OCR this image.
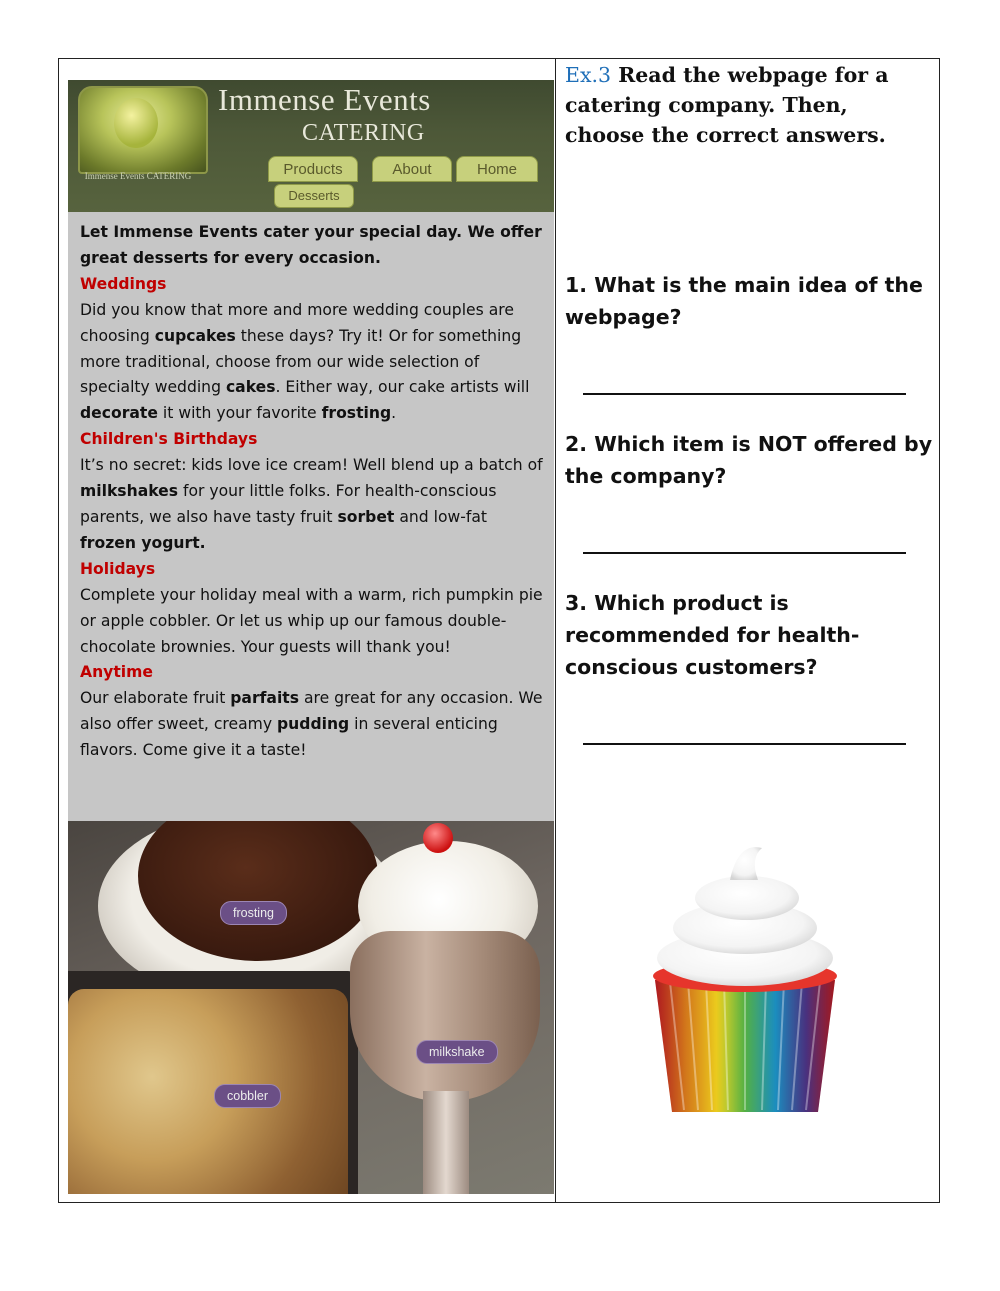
Immense Events CATERING
Immense Events
CATERING
Products	About	Home
Desserts

Let Immense Events cater your special day. We offer great desserts for every occasion.

Weddings

Did you know that more and more wedding couples are choosing cupcakes these days? Try it! Or for something more traditional, choose from our wide selection of specialty wedding cakes. Either way, our cake artists will decorate it with your favorite frosting.

Children's Birthdays

It’s no secret: kids love ice cream! Well blend up a batch of milkshakes for your little folks. For health-conscious parents, we also have tasty fruit sorbet and low-fat frozen yogurt.

Holidays

Complete your holiday meal with a warm, rich pumpkin pie or apple cobbler. Or let us whip up our famous double-chocolate brownies. Your guests will thank you!

Anytime

Our elaborate fruit parfaits are great for any occasion. We also offer sweet, creamy pudding in several enticing flavors. Come give it a taste!

frosting
milkshake
cobbler
Ex.3 Read the webpage for a catering company. Then, choose the correct answers.
1. What is the main idea of the webpage?
2. Which item is NOT offered by the company?
3. Which product is recommended for health-conscious customers?
